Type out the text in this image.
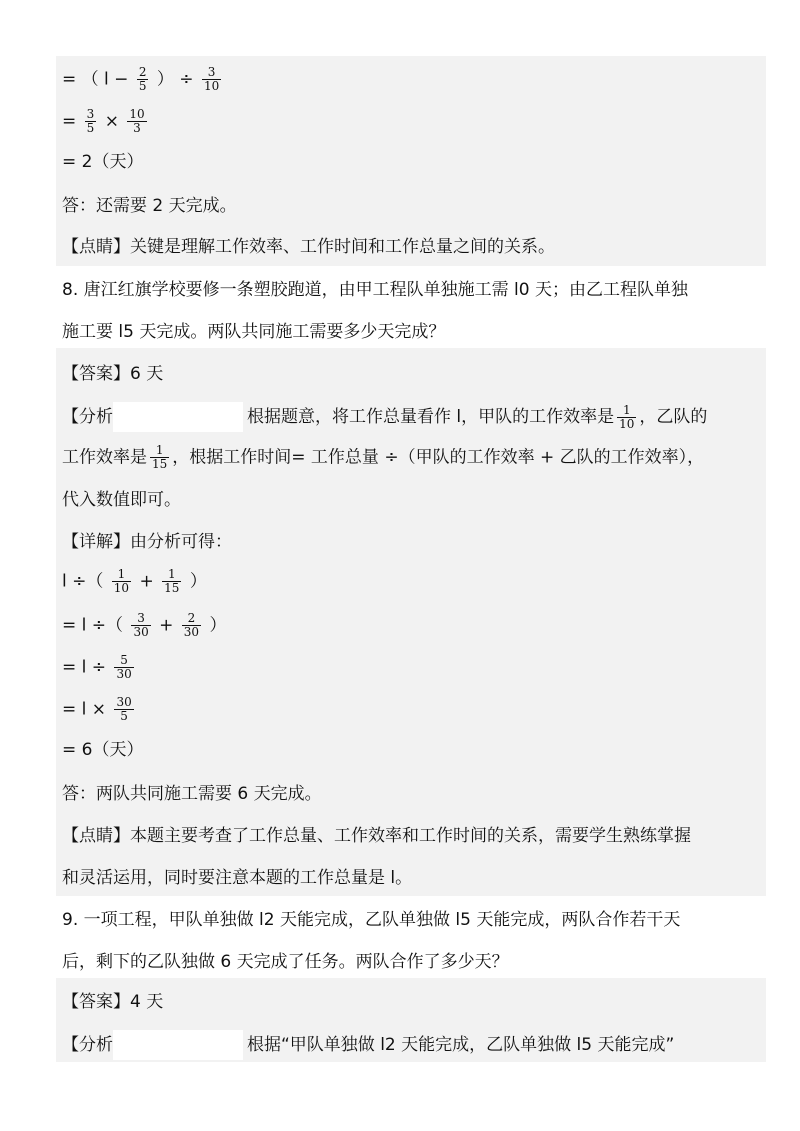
= （ $l - \frac{2}{5}$ ） ÷ $\frac{3}{10}$
= $\frac{3}{5} \times \frac{10}{3}$
= 2（天）
答：还需要 2 天完成。
【点睛】关键是理解工作效率、工作时间和工作总量之间的关系。
8. 唐江红旗学校要修一条塑胶跑道，由甲工程队单独施工需 l0 天；由乙工程队单独
施工要 l5 天完成。两队共同施工需要多少天完成？
【答案】6 天
【分析	根据题意，将工作总量看作 l，甲队的工作效率是 $\frac{1}{10}$ ，乙队的
工作效率是 $\frac{1}{15}$ ，根据工作时间= 工作总量 ÷（甲队的工作效率 + 乙队的工作效率），
代入数值即可。
【详解】由分析可得：
l ÷（ $\frac{1}{10} + \frac{1}{15}$ ）
= l ÷（ $\frac{3}{30} + \frac{2}{30}$ ）
= $l \div \frac{5}{30}$
= $l \times \frac{30}{5}$
= 6（天）
答：两队共同施工需要 6 天完成。
【点睛】本题主要考查了工作总量、工作效率和工作时间的关系，需要学生熟练掌握
和灵活运用，同时要注意本题的工作总量是 l。
9. 一项工程，甲队单独做 l2 天能完成，乙队单独做 l5 天能完成，两队合作若干天
后，剩下的乙队独做 6 天完成了任务。两队合作了多少天？
【答案】4 天
【分析	根据“甲队单独做 l2 天能完成，乙队单独做 l5 天能完成”
